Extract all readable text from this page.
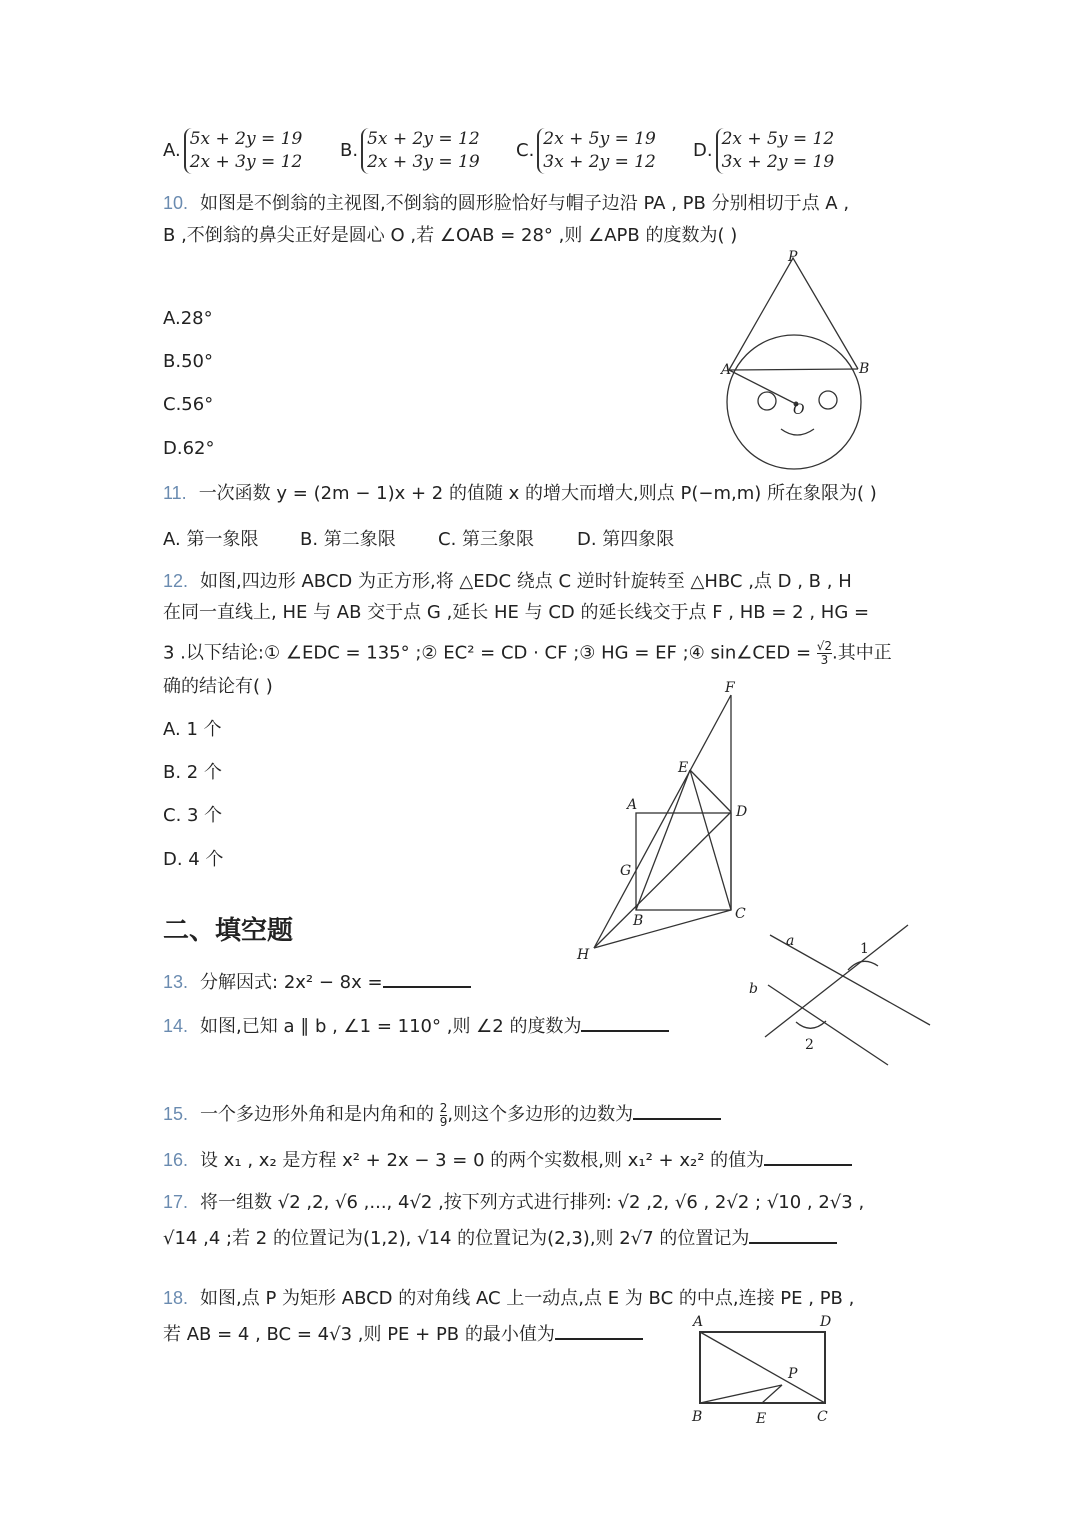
A.5x + 2y = 19
2x + 3y = 12
B.5x + 2y = 12
2x + 3y = 19
C.2x + 5y = 19
3x + 2y = 12
D.2x + 5y = 12
3x + 2y = 19
10. 如图是不倒翁的主视图,不倒翁的圆形脸恰好与帽子边沿 PA , PB 分别相切于点 A ,
B ,不倒翁的鼻尖正好是圆心 O ,若 ∠OAB = 28° ,则 ∠APB 的度数为( )
A.28°
B.50°
C.56°
D.62°
11. 一次函数 y = (2m − 1)x + 2 的值随 x 的增大而增大,则点 P(−m,m) 所在象限为( )
A. 第一象限 B. 第二象限 C. 第三象限 D. 第四象限
12. 如图,四边形 ABCD 为正方形,将 △EDC 绕点 C 逆时针旋转至 △HBC ,点 D , B , H
在同一直线上, HE 与 AB 交于点 G ,延长 HE 与 CD 的延长线交于点 F , HB = 2 , HG =
3 .以下结论:① ∠EDC = 135° ;② EC² = CD · CF ;③ HG = EF ;④ sin∠CED = $\frac{√2}{3}$ .其中正
确的结论有( )
A. 1 个
B. 2 个
C. 3 个
D. 4 个
二、填空题
13. 分解因式: 2x² − 8x =
14. 如图,已知 a ∥ b , ∠1 = 110° ,则 ∠2 的度数为
15. 一个多边形外角和是内角和的 $\frac{2}{9}$ ,则这个多边形的边数为
16. 设 x₁ , x₂ 是方程 x² + 2x − 3 = 0 的两个实数根,则 x₁² + x₂² 的值为
17. 将一组数 √2 ,2, √6 ,..., 4√2 ,按下列方式进行排列: √2 ,2, √6 , 2√2 ; √10 , 2√3 ,
√14 ,4 ;若 2 的位置记为(1,2), √14 的位置记为(2,3),则 2√7 的位置记为
18. 如图,点 P 为矩形 ABCD 的对角线 AC 上一动点,点 E 为 BC 的中点,连接 PE , PB ,
若 AB = 4 , BC = 4√3 ,则 PE + PB 的最小值为
P
A	B
O
F
E
A	D
G
B	C
H
a
b
1
2
A	D
P
B	E	C
